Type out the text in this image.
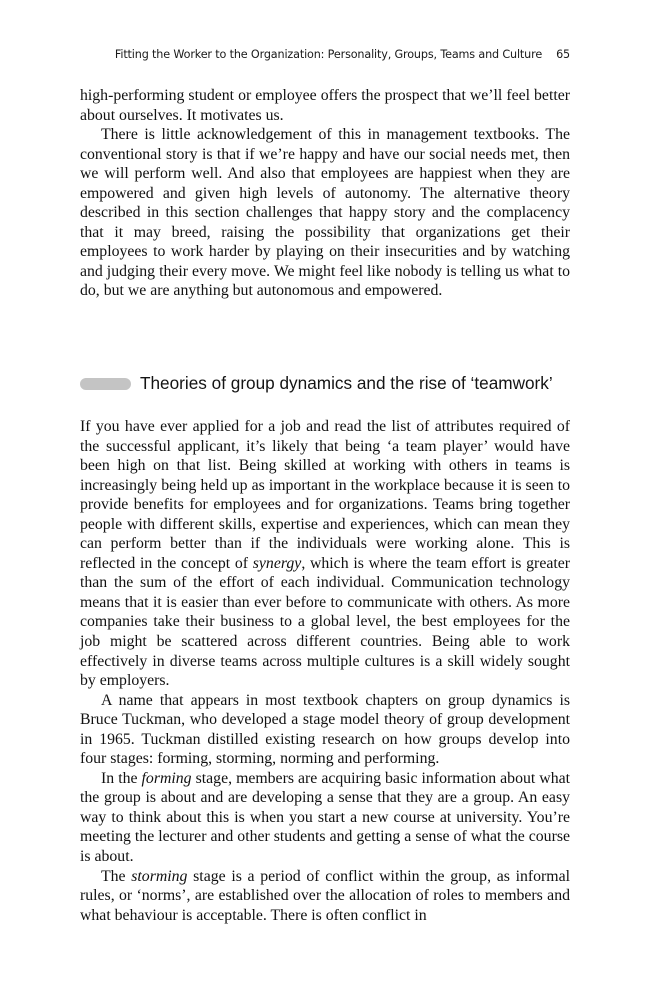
Fitting the Worker to the Organization: Personality, Groups, Teams and Culture 65

high-performing student or employee offers the prospect that we’ll feel better about ourselves. It motivates us.

There is little acknowledgement of this in management textbooks. The conventional story is that if we’re happy and have our social needs met, then we will perform well. And also that employees are happiest when they are empowered and given high levels of autonomy. The alternative theory described in this section challenges that happy story and the complacency that it may breed, raising the possibility that organizations get their employees to work harder by playing on their insecurities and by watching and judging their every move. We might feel like nobody is telling us what to do, but we are anything but autonomous and empowered.

Theories of group dynamics and the rise of ‘teamwork’

If you have ever applied for a job and read the list of attributes required of the successful applicant, it’s likely that being ‘a team player’ would have been high on that list. Being skilled at working with others in teams is increasingly being held up as important in the workplace because it is seen to provide benefits for employees and for organizations. Teams bring together people with different skills, expertise and experiences, which can mean they can perform better than if the individuals were working alone. This is reflected in the concept of synergy, which is where the team effort is greater than the sum of the effort of each individual. Communication technology means that it is easier than ever before to communicate with others. As more companies take their business to a global level, the best employees for the job might be scattered across different countries. Being able to work effectively in diverse teams across multiple cultures is a skill widely sought by employers.

A name that appears in most textbook chapters on group dynamics is Bruce Tuckman, who developed a stage model theory of group development in 1965. Tuckman distilled existing research on how groups develop into four stages: forming, storming, norming and performing.

In the forming stage, members are acquiring basic information about what the group is about and are developing a sense that they are a group. An easy way to think about this is when you start a new course at university. You’re meeting the lecturer and other students and getting a sense of what the course is about.

The storming stage is a period of conflict within the group, as informal rules, or ‘norms’, are established over the allocation of roles to members and what behaviour is acceptable. There is often conflict in
